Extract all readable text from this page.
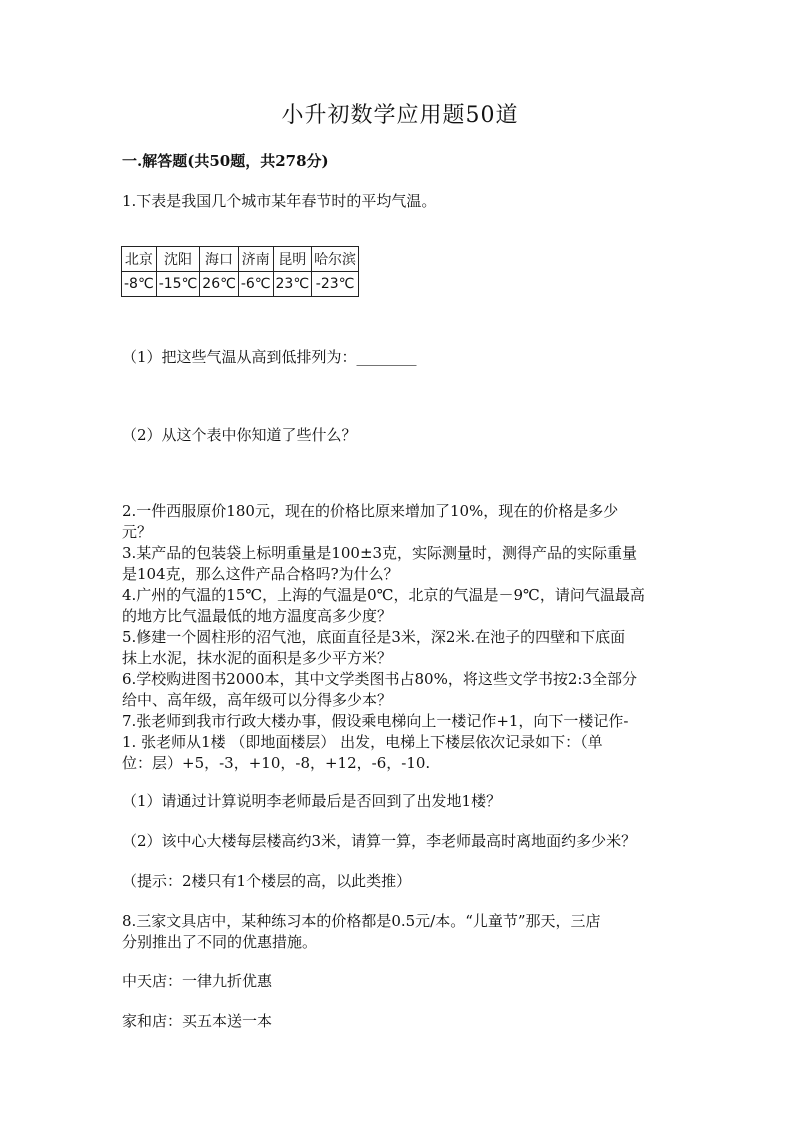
小升初数学应用题50道
一.解答题(共50题，共278分)
1.下表是我国几个城市某年春节时的平均气温。
北京	沈阳	海口	济南	昆明	哈尔滨
-8℃	-15℃	26℃	-6℃	23℃	-23℃
（1）把这些气温从高到低排列为：________
（2）从这个表中你知道了些什么？
2.一件西服原价180元，现在的价格比原来增加了10%，现在的价格是多少
元？
3.某产品的包装袋上标明重量是100±3克，实际测量时，测得产品的实际重量
是104克，那么这件产品合格吗?为什么？
4.广州的气温的15℃，上海的气温是0℃，北京的气温是－9℃，请问气温最高
的地方比气温最低的地方温度高多少度？
5.修建一个圆柱形的沼气池，底面直径是3米，深2米.在池子的四壁和下底面
抹上水泥，抹水泥的面积是多少平方米？
6.学校购进图书2000本，其中文学类图书占80%，将这些文学书按2:3全部分
给中、高年级，高年级可以分得多少本？
7.张老师到我市行政大楼办事，假设乘电梯向上一楼记作+1，向下一楼记作-
1. 张老师从1楼 （即地面楼层） 出发，电梯上下楼层依次记录如下：（单
位：层）+5，-3，+10，-8，+12，-6，-10.
（1）请通过计算说明李老师最后是否回到了出发地1楼？
（2）该中心大楼每层楼高约3米，请算一算，李老师最高时离地面约多少米？
（提示：2楼只有1个楼层的高，以此类推）
8.三家文具店中，某种练习本的价格都是0.5元/本。“儿童节”那天，三店
分别推出了不同的优惠措施。
中天店：一律九折优惠
家和店：买五本送一本
